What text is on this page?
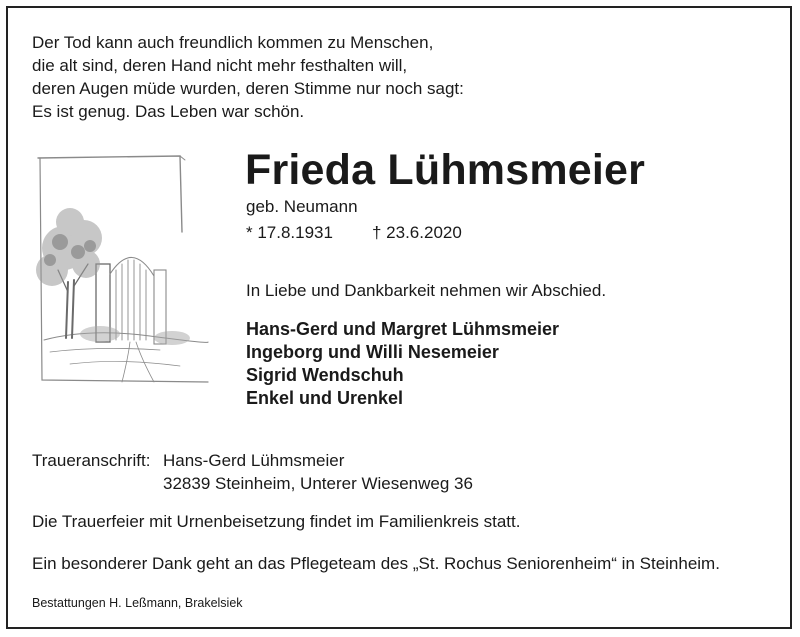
Der Tod kann auch freundlich kommen zu Menschen,
die alt sind, deren Hand nicht mehr festhalten will,
deren Augen müde wurden, deren Stimme nur noch sagt:
Es ist genug. Das Leben war schön.
Frieda Lühmsmeier
geb. Neumann
* 17.8.1931 † 23.6.2020
In Liebe und Dankbarkeit nehmen wir Abschied.
Hans-Gerd und Margret Lühmsmeier
Ingeborg und Willi Nesemeier
Sigrid Wendschuh
Enkel und Urenkel
Traueranschrift: Hans-Gerd Lühmsmeier
32839 Steinheim, Unterer Wiesenweg 36
Die Trauerfeier mit Urnenbeisetzung findet im Familienkreis statt.
Ein besonderer Dank geht an das Pflegeteam des „St. Rochus Seniorenheim“ in Steinheim.
Bestattungen H. Leßmann, Brakelsiek
